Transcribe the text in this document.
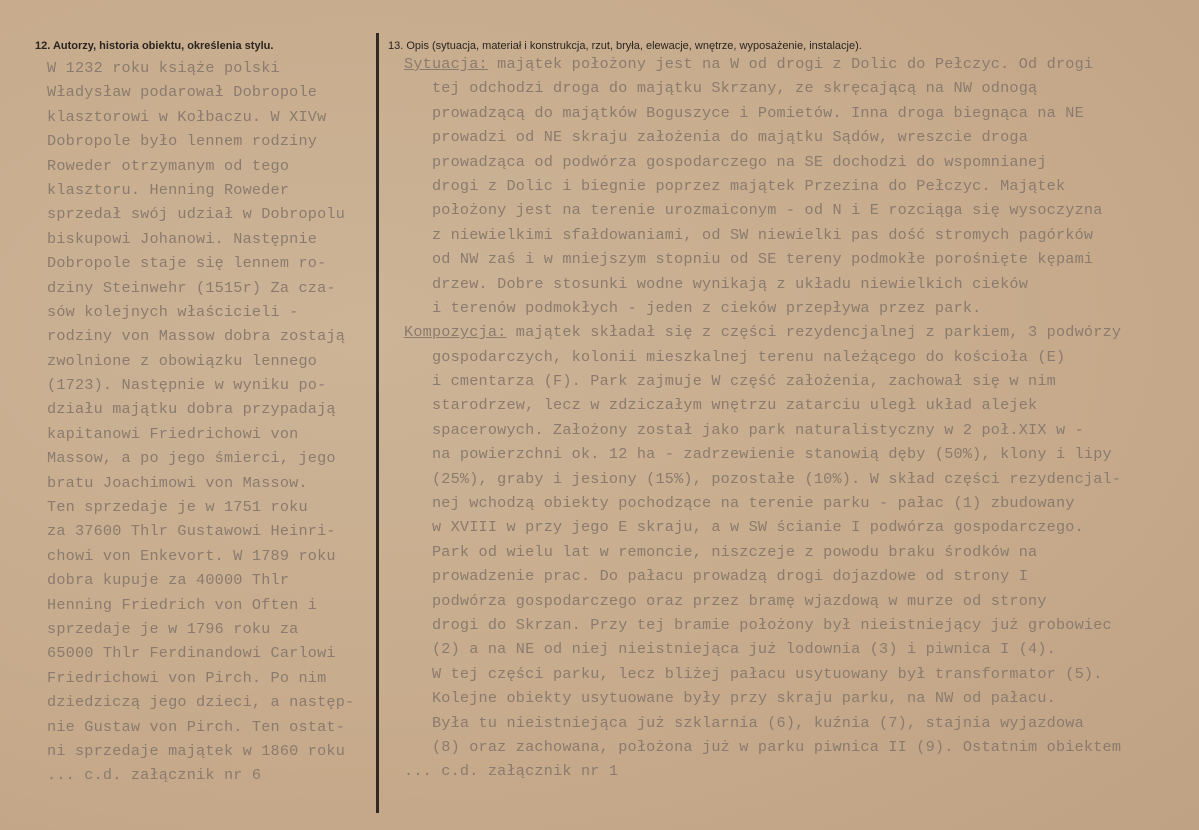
12. Autorzy, historia obiektu, określenia stylu.	13. Opis (sytuacja, materiał i konstrukcja, rzut, bryła, elewacje, wnętrze, wyposażenie, instalacje).
W 1232 roku książe polski
Władysław podarował Dobropole
klasztorowi w Kołbaczu. W XIVw
Dobropole było lennem rodziny
Roweder otrzymanym od tego
klasztoru. Henning Roweder
sprzedał swój udział w Dobropolu
biskupowi Johanowi. Następnie
Dobropole staje się lennem ro-
dziny Steinwehr (1515r) Za cza-
sów kolejnych właścicieli -
rodziny von Massow dobra zostają
zwolnione z obowiązku lennego
(1723). Następnie w wyniku po-
działu majątku dobra przypadają
kapitanowi Friedrichowi von
Massow, a po jego śmierci, jego
bratu Joachimowi von Massow.
Ten sprzedaje je w 1751 roku
za 37600 Thlr Gustawowi Heinri-
chowi von Enkevort. W 1789 roku
dobra kupuje za 40000 Thlr
Henning Friedrich von Often i
sprzedaje je w 1796 roku za
65000 Thlr Ferdinandowi Carlowi
Friedrichowi von Pirch. Po nim
dziedziczą jego dzieci, a następ-
nie Gustaw von Pirch. Ten ostat-
ni sprzedaje majątek w 1860 roku
... c.d. załącznik nr 6
Sytuacja: majątek położony jest na W od drogi z Dolic do Pełczyc. Od drogi
tej odchodzi droga do majątku Skrzany, ze skręcającą na NW odnogą
prowadzącą do majątków Boguszyce i Pomietów. Inna droga biegnąca na NE
prowadzi od NE skraju założenia do majątku Sądów, wreszcie droga
prowadząca od podwórza gospodarczego na SE dochodzi do wspomnianej
drogi z Dolic i biegnie poprzez majątek Przezina do Pełczyc. Majątek
położony jest na terenie urozmaiconym - od N i E rozciąga się wysoczyzna
z niewielkimi sfałdowaniami, od SW niewielki pas dość stromych pagórków
od NW zaś i w mniejszym stopniu od SE tereny podmokłe porośnięte kępami
drzew. Dobre stosunki wodne wynikają z układu niewielkich cieków
i terenów podmokłych - jeden z cieków przepływa przez park.
Kompozycja: majątek składał się z części rezydencjalnej z parkiem, 3 podwórzy
gospodarczych, kolonii mieszkalnej terenu należącego do kościoła (E)
i cmentarza (F). Park zajmuje W część założenia, zachował się w nim
starodrzew, lecz w zdziczałym wnętrzu zatarciu uległ układ alejek
spacerowych. Założony został jako park naturalistyczny w 2 poł.XIX w -
na powierzchni ok. 12 ha - zadrzewienie stanowią dęby (50%), klony i lipy
(25%), graby i jesiony (15%), pozostałe (10%). W skład części rezydencjal-
nej wchodzą obiekty pochodzące na terenie parku - pałac (1) zbudowany
w XVIII w przy jego E skraju, a w SW ścianie I podwórza gospodarczego.
Park od wielu lat w remoncie, niszczeje z powodu braku środków na
prowadzenie prac. Do pałacu prowadzą drogi dojazdowe od strony I
podwórza gospodarczego oraz przez bramę wjazdową w murze od strony
drogi do Skrzan. Przy tej bramie położony był nieistniejący już grobowiec
(2) a na NE od niej nieistniejąca już lodownia (3) i piwnica I (4).
W tej części parku, lecz bliżej pałacu usytuowany był transformator (5).
Kolejne obiekty usytuowane były przy skraju parku, na NW od pałacu.
Była tu nieistniejąca już szklarnia (6), kuźnia (7), stajnia wyjazdowa
(8) oraz zachowana, położona już w parku piwnica II (9). Ostatnim obiektem
... c.d. załącznik nr 1
